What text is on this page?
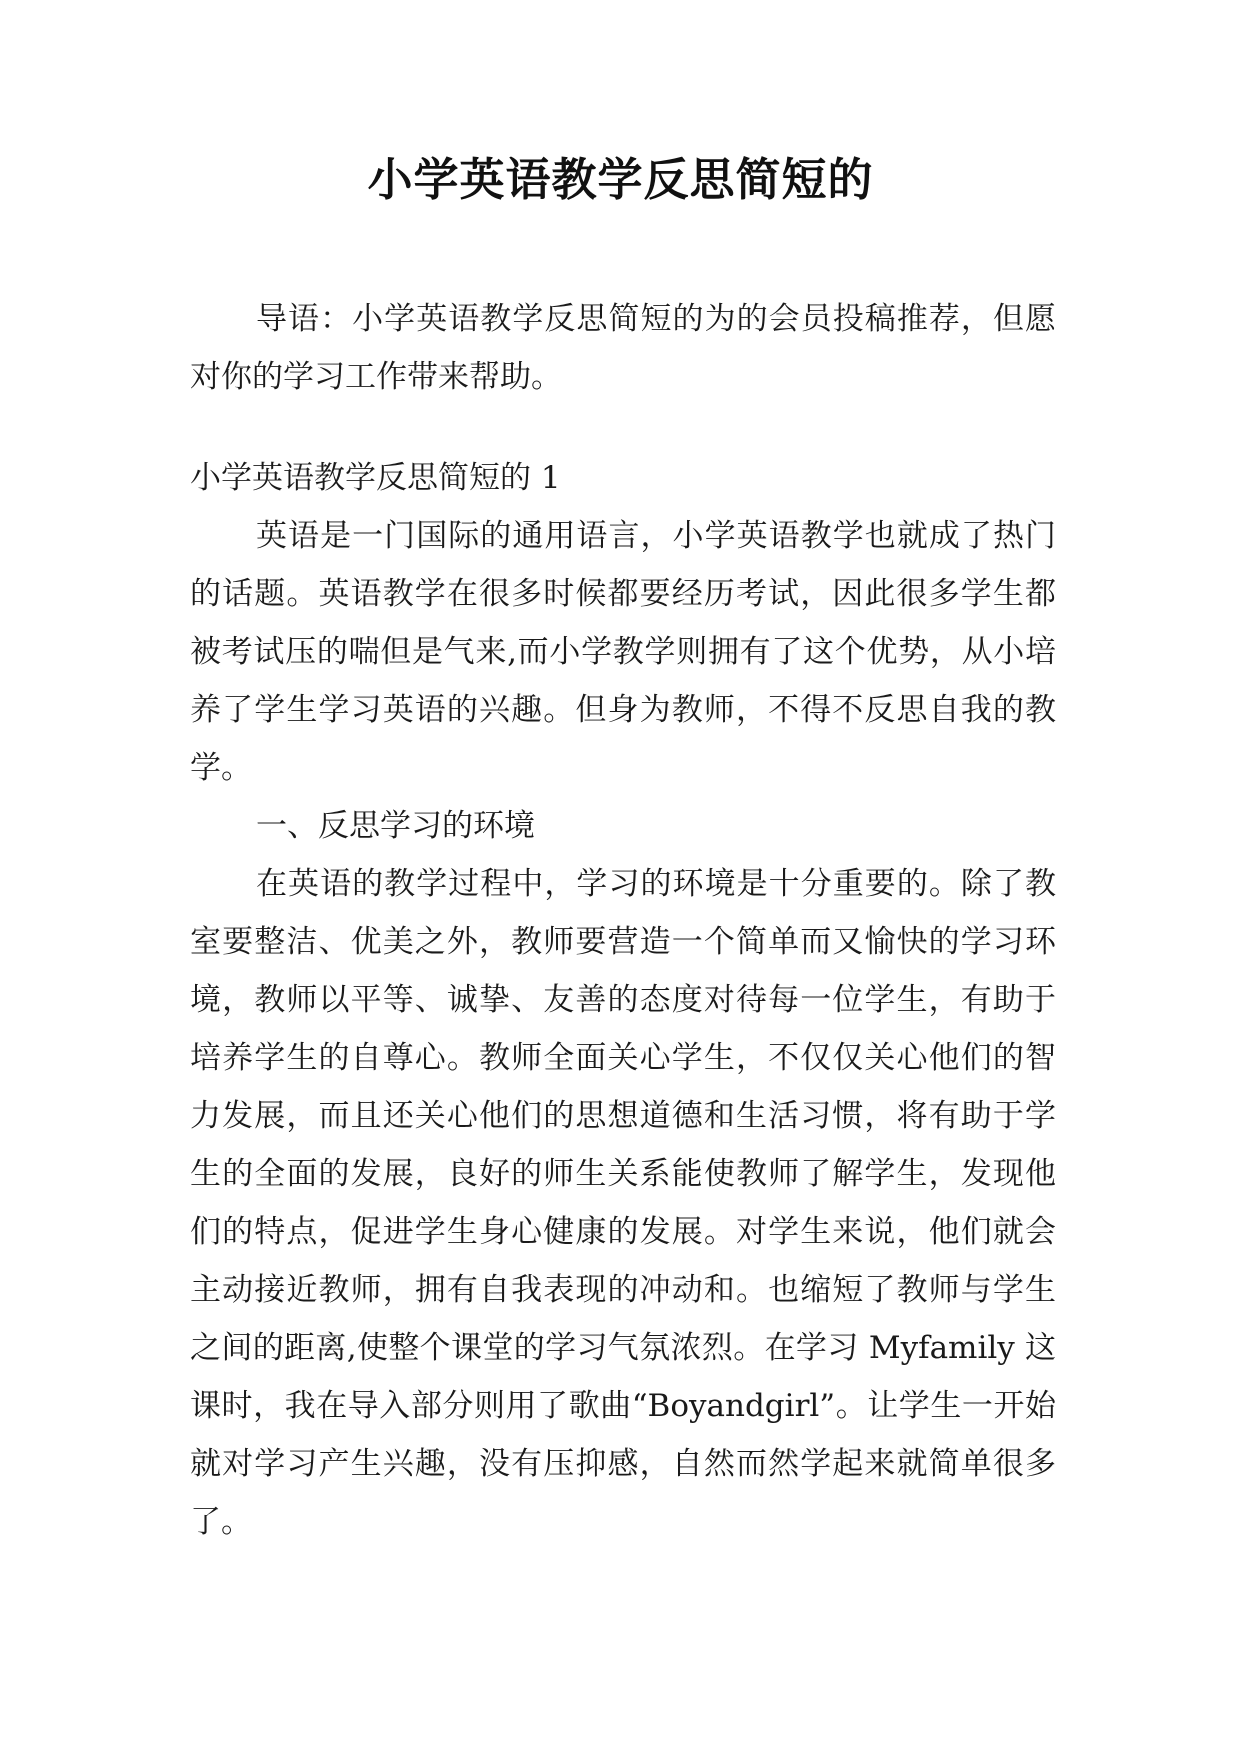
小学英语教学反思简短的

导语：小学英语教学反思简短的为的会员投稿推荐，但愿对你的学习工作带来帮助。

小学英语教学反思简短的 1

英语是一门国际的通用语言，小学英语教学也就成了热门的话题。英语教学在很多时候都要经历考试，因此很多学生都被考试压的喘但是气来,而小学教学则拥有了这个优势，从小培养了学生学习英语的兴趣。但身为教师，不得不反思自我的教学。

一、反思学习的环境

在英语的教学过程中，学习的环境是十分重要的。除了教室要整洁、优美之外，教师要营造一个简单而又愉快的学习环境，教师以平等、诚挚、友善的态度对待每一位学生，有助于培养学生的自尊心。教师全面关心学生，不仅仅关心他们的智力发展，而且还关心他们的思想道德和生活习惯，将有助于学生的全面的发展，良好的师生关系能使教师了解学生，发现他们的特点，促进学生身心健康的发展。对学生来说，他们就会主动接近教师，拥有自我表现的冲动和。也缩短了教师与学生之间的距离,使整个课堂的学习气氛浓烈。在学习 Myfamily 这课时，我在导入部分则用了歌曲“Boyandgirl”。让学生一开始就对学习产生兴趣，没有压抑感，自然而然学起来就简单很多了。
